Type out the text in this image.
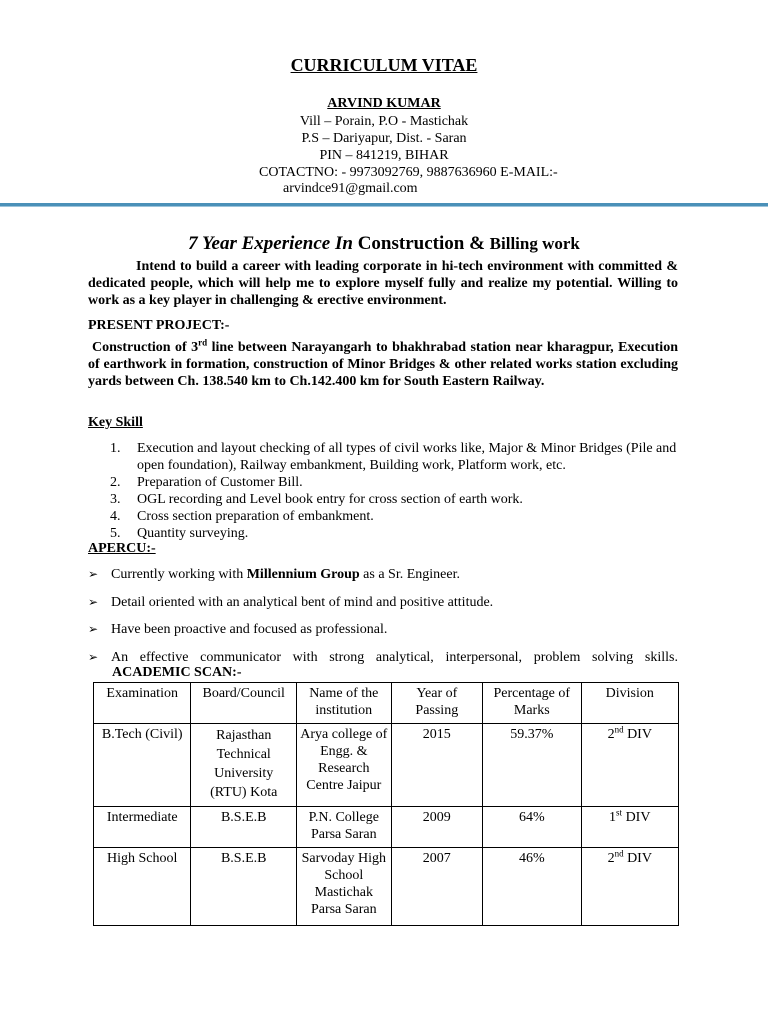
CURRICULUM VITAE
ARVIND KUMAR
Vill – Porain, P.O - Mastichak
P.S – Dariyapur, Dist. - Saran
PIN – 841219, BIHAR
COTACTNO: - 9973092769, 9887636960 E-MAIL:-
arvindce91@gmail.com
7 Year Experience In Construction & Billing work
Intend to build a career with leading corporate in hi-tech environment with committed & dedicated people, which will help me to explore myself fully and realize my potential. Willing to work as a key player in challenging & erective environment.
PRESENT PROJECT:-
Construction of 3rd line between Narayangarh to bhakhrabad station near kharagpur, Execution of earthwork in formation, construction of Minor Bridges & other related works station excluding yards between Ch. 138.540 km to Ch.142.400 km for South Eastern Railway.
Key Skill
1. Execution and layout checking of all types of civil works like, Major & Minor Bridges (Pile and open foundation), Railway embankment, Building work, Platform work, etc.
2. Preparation of Customer Bill.
3. OGL recording and Level book entry for cross section of earth work.
4. Cross section preparation of embankment.
5. Quantity surveying.
APERCU:-
➢ Currently working with Millennium Group as a Sr. Engineer.
➢ Detail oriented with an analytical bent of mind and positive attitude.
➢ Have been proactive and focused as professional.
➢ An effective communicator with strong analytical, interpersonal, problem solving skills.
ACADEMIC SCAN:-
Examination	Board/Council	Name of the institution	Year of Passing	Percentage of Marks	Division
B.Tech (Civil)	Rajasthan Technical University (RTU) Kota	Arya college of Engg. & Research Centre Jaipur	2015	59.37%	2nd DIV
Intermediate	B.S.E.B	P.N. College Parsa Saran	2009	64%	1st DIV
High School	B.S.E.B	Sarvoday High School Mastichak Parsa Saran	2007	46%	2nd DIV
